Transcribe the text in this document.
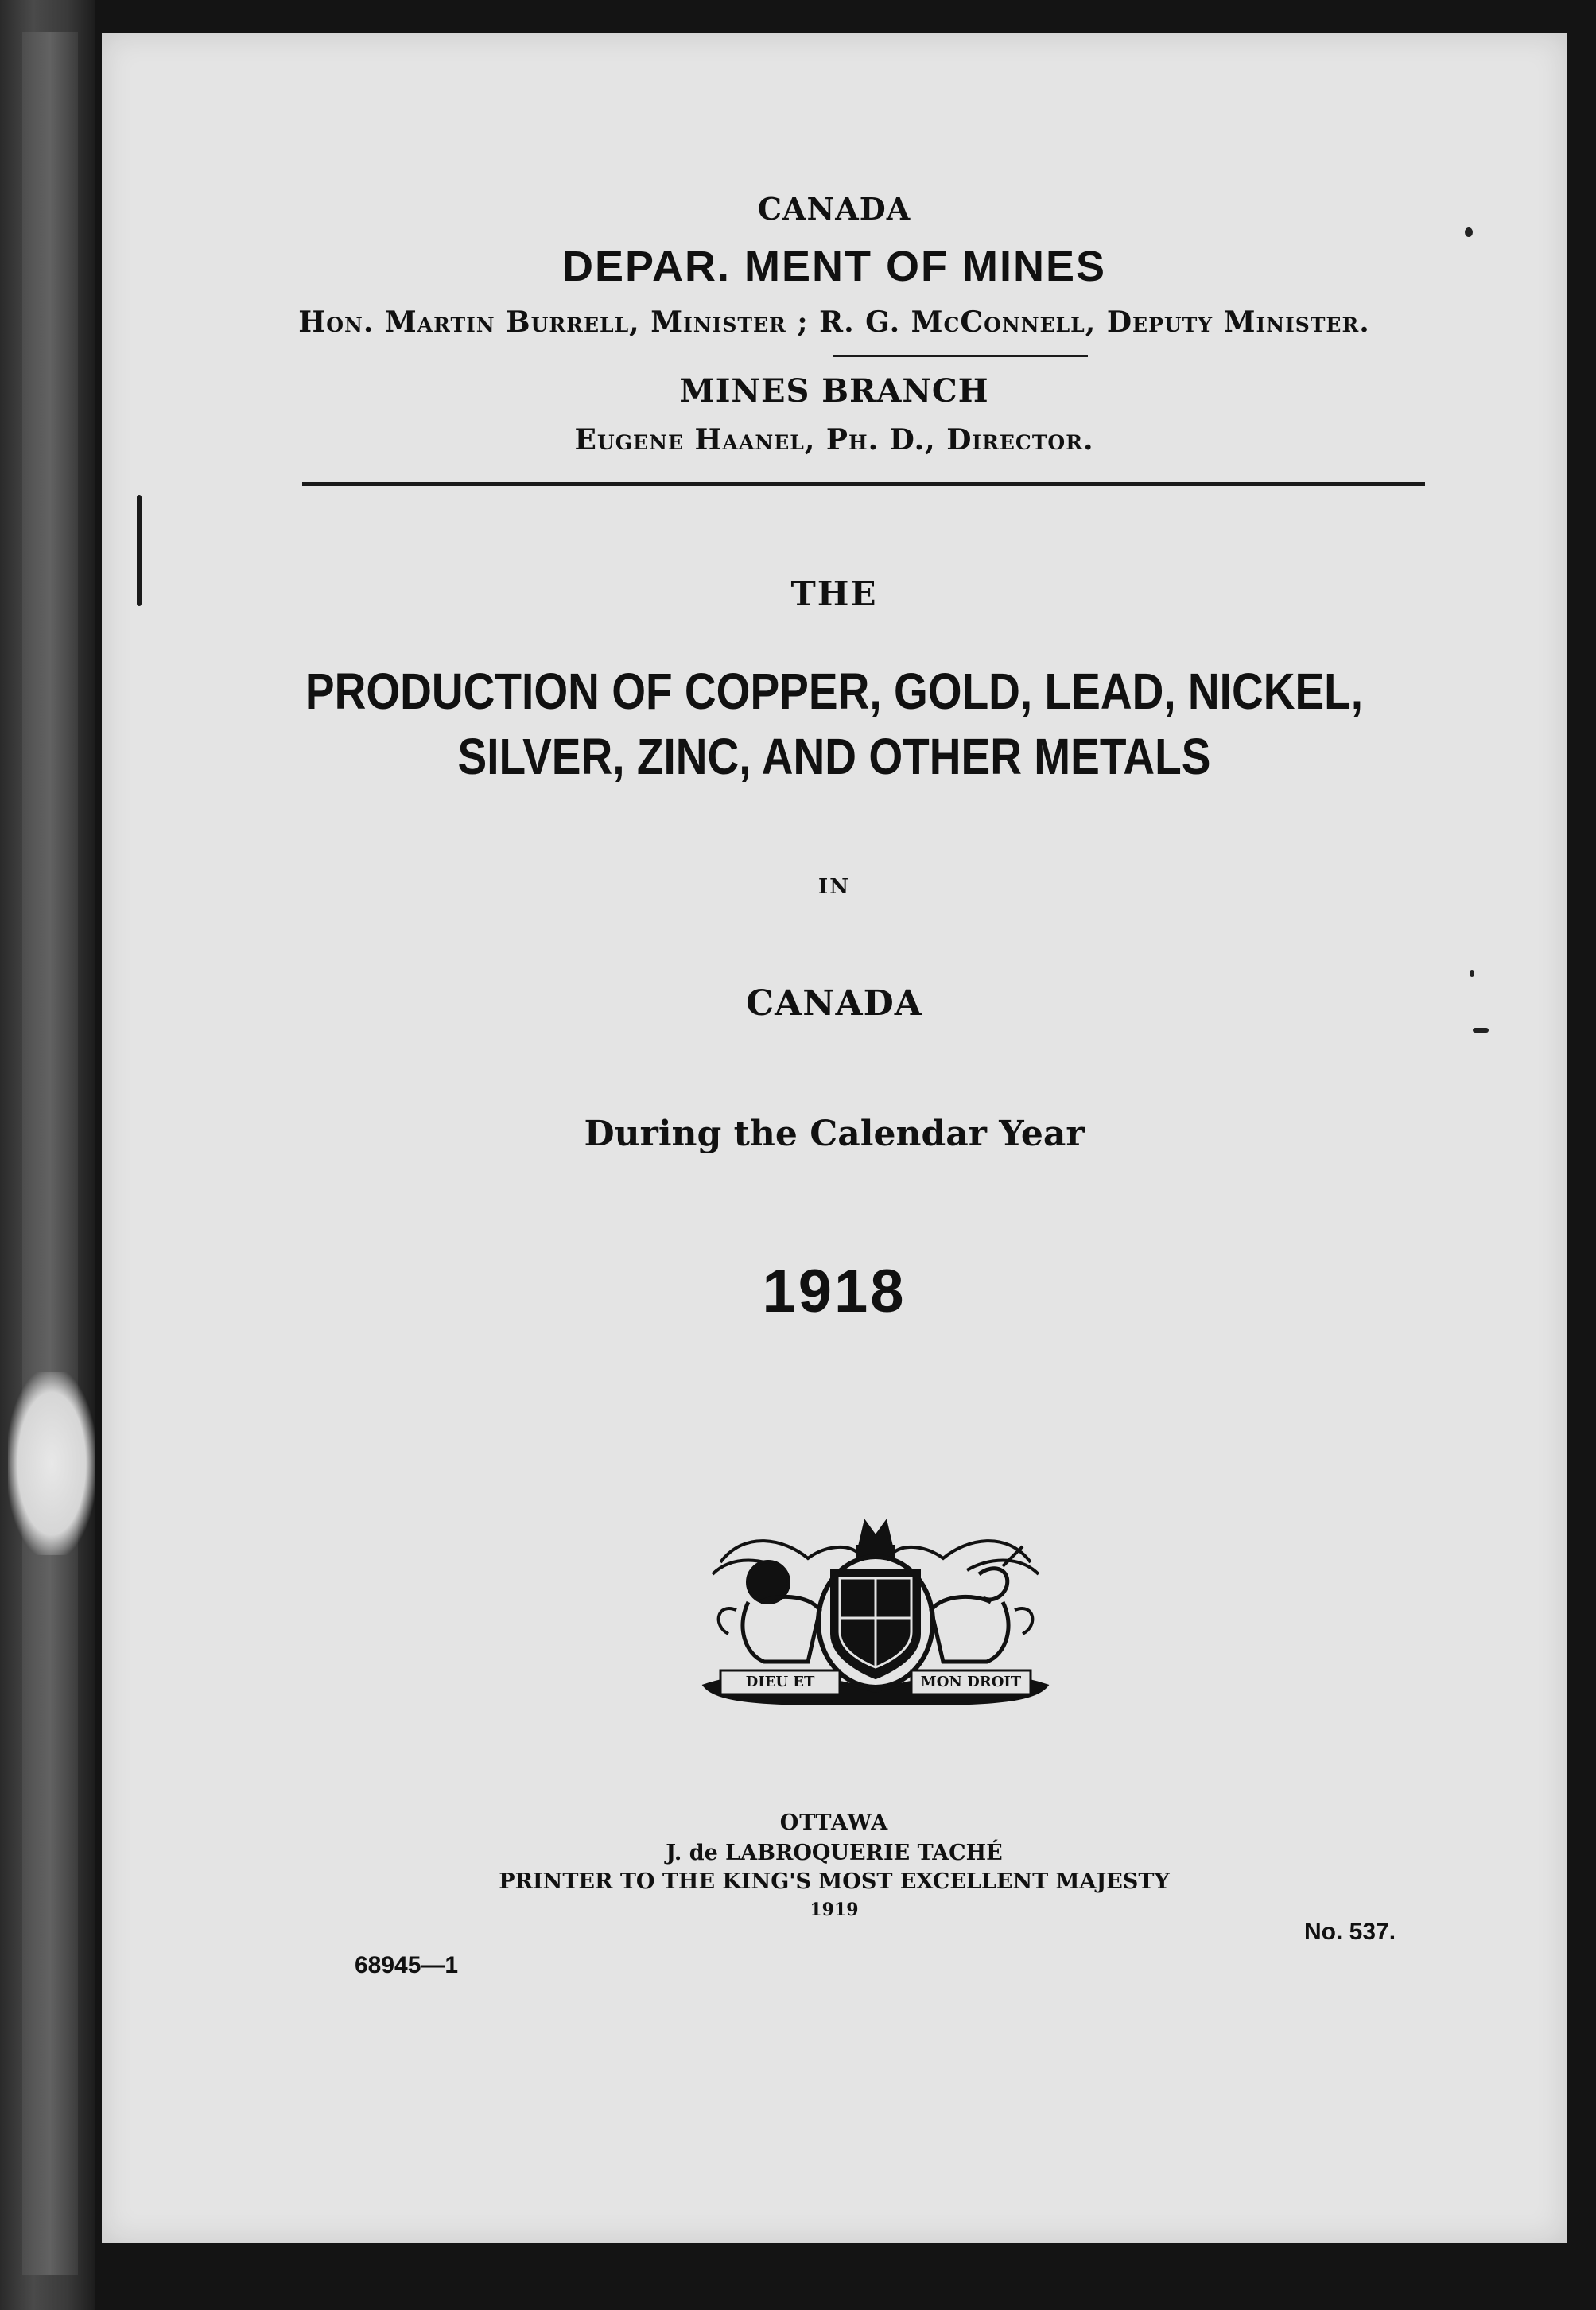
CANADA
DEPAR. MENT OF MINES
Hon. Martin Burrell, Minister ; R. G. McConnell, Deputy Minister.
MINES BRANCH
Eugene Haanel, Ph. D., Director.
THE
PRODUCTION OF COPPER, GOLD, LEAD, NICKEL,
SILVER, ZINC, AND OTHER METALS
IN
CANADA
During the Calendar Year
1918
DIEU ET	MON DROIT
OTTAWA
J. de LABROQUERIE TACHÉ
PRINTER TO THE KING'S MOST EXCELLENT MAJESTY
1919
No. 537.
68945—1
